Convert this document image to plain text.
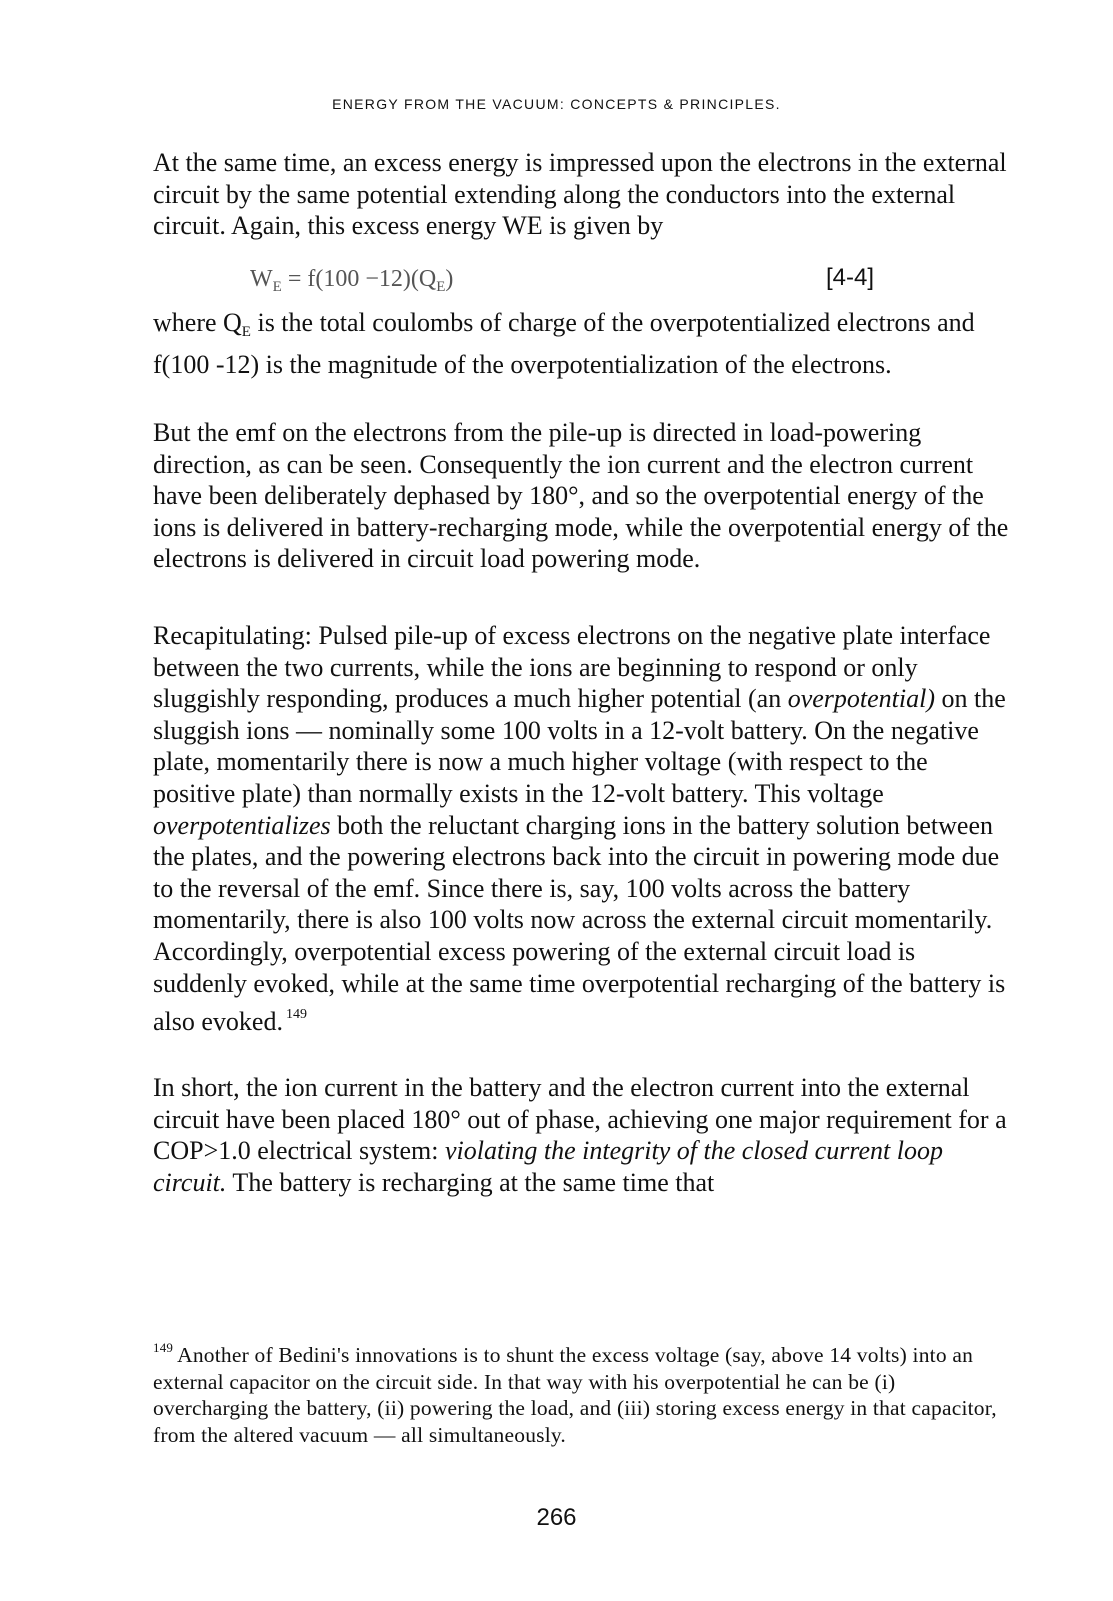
ENERGY FROM THE VACUUM: CONCEPTS & PRINCIPLES.

At the same time, an excess energy is impressed upon the electrons in the external circuit by the same potential extending along the conductors into the external circuit. Again, this excess energy WE is given by

$W_E = f(100 -12)(Q_E)$	[4-4]

where QE is the total coulombs of charge of the overpotentialized electrons and f(100 -12) is the magnitude of the overpotentialization of the electrons.

But the emf on the electrons from the pile-up is directed in load-powering direction, as can be seen. Consequently the ion current and the electron current have been deliberately dephased by 180°, and so the overpotential energy of the ions is delivered in battery-recharging mode, while the overpotential energy of the electrons is delivered in circuit load powering mode.

Recapitulating: Pulsed pile-up of excess electrons on the negative plate interface between the two currents, while the ions are beginning to respond or only sluggishly responding, produces a much higher potential (an overpotential) on the sluggish ions — nominally some 100 volts in a 12-volt battery. On the negative plate, momentarily there is now a much higher voltage (with respect to the positive plate) than normally exists in the 12-volt battery. This voltage overpotentializes both the reluctant charging ions in the battery solution between the plates, and the powering electrons back into the circuit in powering mode due to the reversal of the emf. Since there is, say, 100 volts across the battery momentarily, there is also 100 volts now across the external circuit momentarily. Accordingly, overpotential excess powering of the external circuit load is suddenly evoked, while at the same time overpotential recharging of the battery is also evoked. $^{149}$

In short, the ion current in the battery and the electron current into the external circuit have been placed 180° out of phase, achieving one major requirement for a COP>1.0 electrical system: violating the integrity of the closed current loop circuit. The battery is recharging at the same time that

$^{149}$ Another of Bedini's innovations is to shunt the excess voltage (say, above 14 volts) into an external capacitor on the circuit side. In that way with his overpotential he can be (i) overcharging the battery, (ii) powering the load, and (iii) storing excess energy in that capacitor, from the altered vacuum — all simultaneously.

266
